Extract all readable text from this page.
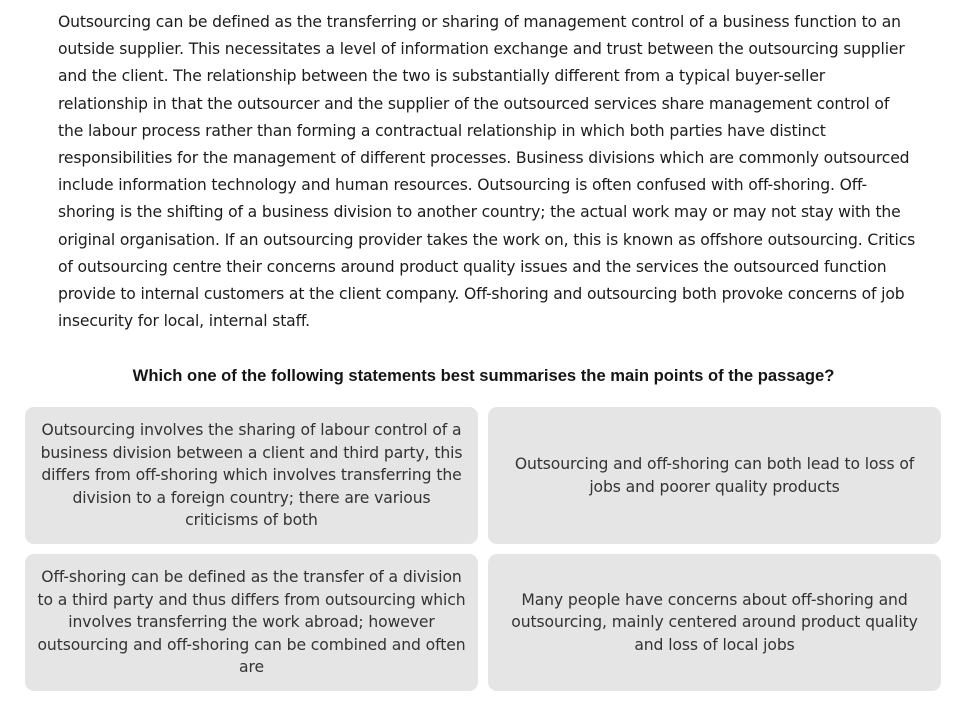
Outsourcing can be defined as the transferring or sharing of management control of a business function to an outside supplier. This necessitates a level of information exchange and trust between the outsourcing supplier and the client. The relationship between the two is substantially different from a typical buyer-seller relationship in that the outsourcer and the supplier of the outsourced services share management control of the labour process rather than forming a contractual relationship in which both parties have distinct responsibilities for the management of different processes. Business divisions which are commonly outsourced include information technology and human resources. Outsourcing is often confused with off-shoring. Off-shoring is the shifting of a business division to another country; the actual work may or may not stay with the original organisation. If an outsourcing provider takes the work on, this is known as offshore outsourcing. Critics of outsourcing centre their concerns around product quality issues and the services the outsourced function provide to internal customers at the client company. Off-shoring and outsourcing both provoke concerns of job insecurity for local, internal staff.

Which one of the following statements best summarises the main points of the passage?

Outsourcing involves the sharing of labour control of a business division between a client and third party, this differs from off-shoring which involves transferring the division to a foreign country; there are various criticisms of both
Outsourcing and off-shoring can both lead to loss of jobs and poorer quality products
Off-shoring can be defined as the transfer of a division to a third party and thus differs from outsourcing which involves transferring the work abroad; however outsourcing and off-shoring can be combined and often are
Many people have concerns about off-shoring and outsourcing, mainly centered around product quality and loss of local jobs
